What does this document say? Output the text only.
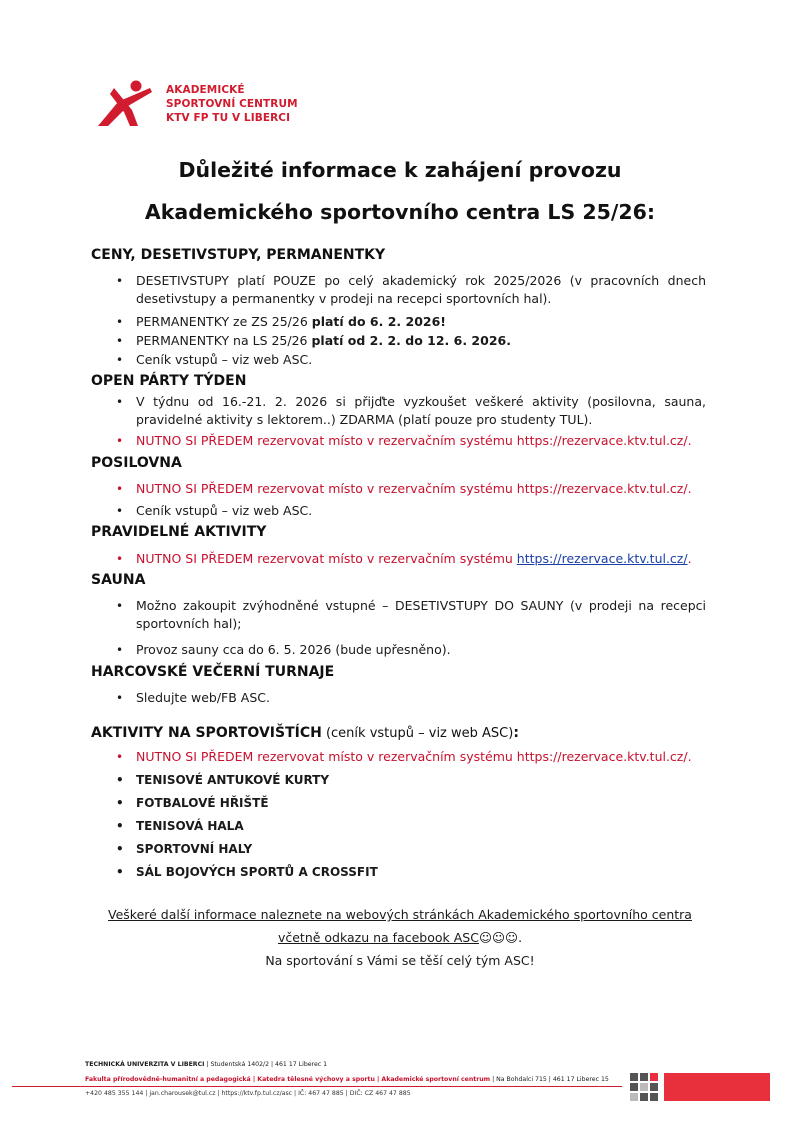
AKADEMICKÉ
SPORTOVNÍ CENTRUM
KTV FP TU V LIBERCI
Důležité informace k zahájení provozu
Akademického sportovního centra LS 25/26:
CENY, DESETIVSTUPY, PERMANENTKY
• DESETIVSTUPY platí POUZE po celý akademický rok 2025/2026 (v pracovních dnech desetivstupy a permanentky v prodeji na recepci sportovních hal).
• PERMANENTKY ze ZS 25/26 platí do 6. 2. 2026!
• PERMANENTKY na LS 25/26 platí od 2. 2. do 12. 6. 2026.
• Ceník vstupů – viz web ASC.
OPEN PÁRTY TÝDEN
• V týdnu od 16.-21. 2. 2026 si přijďte vyzkoušet veškeré aktivity (posilovna, sauna, pravidelné aktivity s lektorem..) ZDARMA (platí pouze pro studenty TUL).
• NUTNO SI PŘEDEM rezervovat místo v rezervačním systému https://rezervace.ktv.tul.cz/.
POSILOVNA
• NUTNO SI PŘEDEM rezervovat místo v rezervačním systému https://rezervace.ktv.tul.cz/.
• Ceník vstupů – viz web ASC.
PRAVIDELNÉ AKTIVITY
• NUTNO SI PŘEDEM rezervovat místo v rezervačním systému https://rezervace.ktv.tul.cz/.
SAUNA
• Možno zakoupit zvýhodněné vstupné – DESETIVSTUPY DO SAUNY (v prodeji na recepci sportovních hal);
• Provoz sauny cca do 6. 5. 2026 (bude upřesněno).
HARCOVSKÉ VEČERNÍ TURNAJE
• Sledujte web/FB ASC.
AKTIVITY NA SPORTOVIŠTÍCH (ceník vstupů – viz web ASC):
• NUTNO SI PŘEDEM rezervovat místo v rezervačním systému https://rezervace.ktv.tul.cz/.
• TENISOVÉ ANTUKOVÉ KURTY
• FOTBALOVÉ HŘIŠTĚ
• TENISOVÁ HALA
• SPORTOVNÍ HALY
• SÁL BOJOVÝCH SPORTŮ A CROSSFIT
Veškeré další informace naleznete na webových stránkách Akademického sportovního centra
včetně odkazu na facebook ASC☺☺☺.
Na sportování s Vámi se těší celý tým ASC!
TECHNICKÁ UNIVERZITA V LIBERCI | Studentská 1402/2 | 461 17 Liberec 1
Fakulta přírodovědně-humanitní a pedagogická | Katedra tělesné výchovy a sportu | Akademické sportovní centrum | Na Bohdalci 715 | 461 17 Liberec 15
+420 485 355 144 | jan.charousek@tul.cz | https://ktv.fp.tul.cz/asc | IČ: 467 47 885 | DIČ: CZ 467 47 885
